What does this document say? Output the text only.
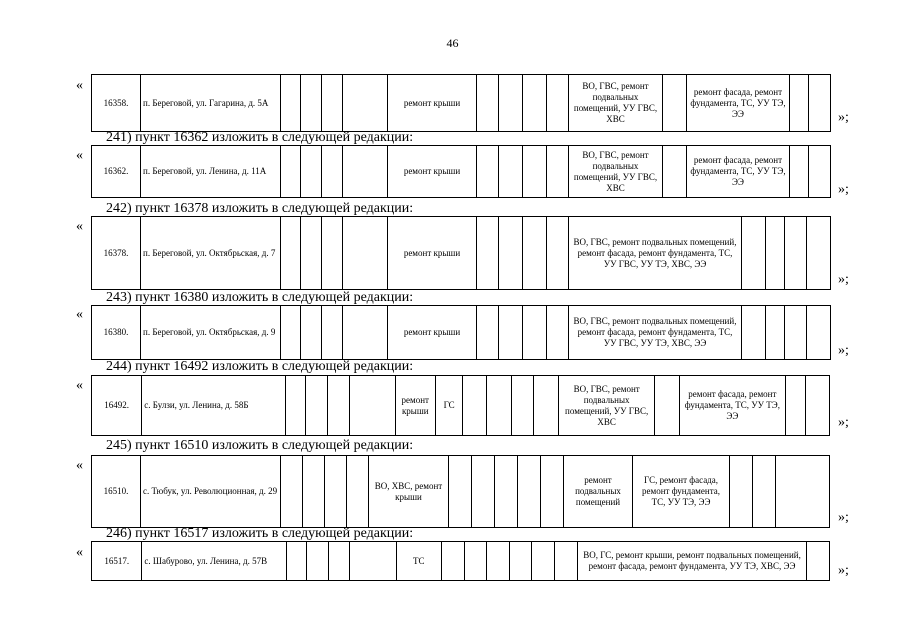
46
«
16358.	п. Береговой, ул. Гагарина, д. 5А					ремонт крыши					ВО, ГВС, ремонт подвальных помещений, УУ ГВС, ХВС		ремонт фасада, ремонт фундамента, ТС, УУ ТЭ, ЭЭ			»;
241) пункт 16362 изложить в следующей редакции:
«
16362.	п. Береговой, ул. Ленина, д. 11А					ремонт крыши					ВО, ГВС, ремонт подвальных помещений, УУ ГВС, ХВС		ремонт фасада, ремонт фундамента, ТС, УУ ТЭ, ЭЭ			»;
242) пункт 16378 изложить в следующей редакции:
«
16378.	п. Береговой, ул. Октябрьская, д. 7					ремонт крыши					ВО, ГВС, ремонт подвальных помещений, ремонт фасада, ремонт фундамента, ТС, УУ ГВС, УУ ТЭ, ХВС, ЭЭ				
»;
243) пункт 16380 изложить в следующей редакции:
«
16380.	п. Береговой, ул. Октябрьская, д. 9					ремонт крыши					ВО, ГВС, ремонт подвальных помещений, ремонт фасада, ремонт фундамента, ТС, УУ ГВС, УУ ТЭ, ХВС, ЭЭ					»;
244) пункт 16492 изложить в следующей редакции:
«
16492.	с. Булзи, ул. Ленина, д. 58Б					ремонт крыши	ГС					ВО, ГВС, ремонт подвальных помещений, УУ ГВС, ХВС		ремонт фасада, ремонт фундамента, ТС, УУ ТЭ, ЭЭ			»;
245) пункт 16510 изложить в следующей редакции:
«
16510.	с. Тюбук, ул. Революционная, д. 29					ВО, ХВС, ремонт крыши						ремонт подвальных помещений	ГС, ремонт фасада, ремонт фундамента, ТС, УУ ТЭ, ЭЭ			
»;
246) пункт 16517 изложить в следующей редакции:
«
16517.	с. Шабурово, ул. Ленина, д. 57В					ТС							ВО, ГС, ремонт крыши, ремонт подвальных помещений, ремонт фасада, ремонт фундамента, УУ ТЭ, ХВС, ЭЭ		»;
